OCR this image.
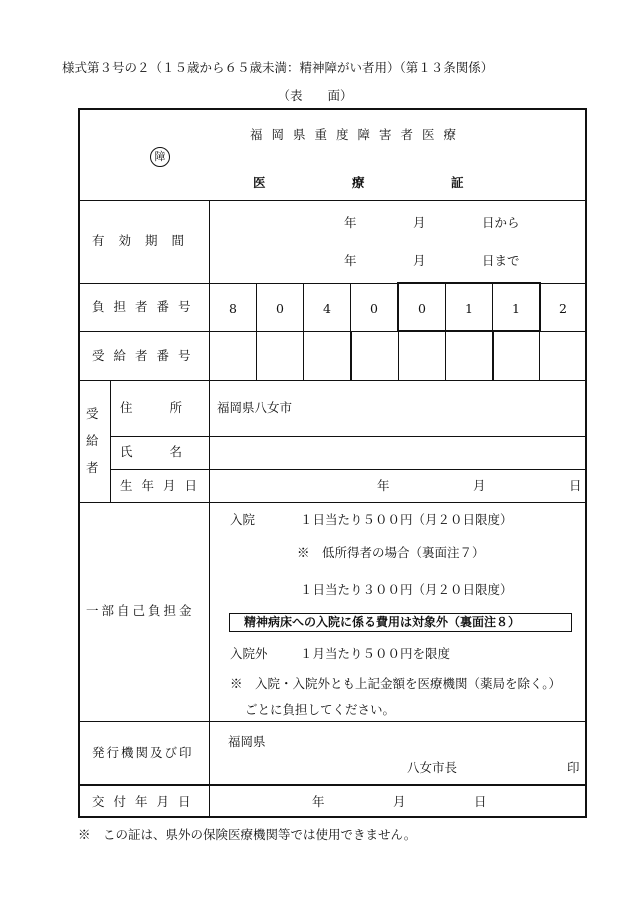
様式第３号の２（１５歳から６５歳未満：精神障がい者用）（第１３条関係）
（表　　面）
障
福岡県重度障害者医療
医	療	証
有効期間
年	月	日から
年	月	日まで
負担者番号	8	0	4	0	0	1	1	2
受給者番号
受
給
者
住　　所 福岡県八女市
氏　　名
生年月日	年	月	日
一部自己負担金
入院	１日当たり５００円（月２０日限度）
※　低所得者の場合（裏面注７）
１日当たり３００円（月２０日限度）
精神病床への入院に係る費用は対象外（裏面注８）
入院外	１月当たり５００円を限度
※　入院・入院外とも上記金額を医療機関（薬局を除く。）
ごとに負担してください。
発行機関及び印
福岡県
八女市長	印
交付年月日	年	月	日
※　この証は、県外の保険医療機関等では使用できません。
